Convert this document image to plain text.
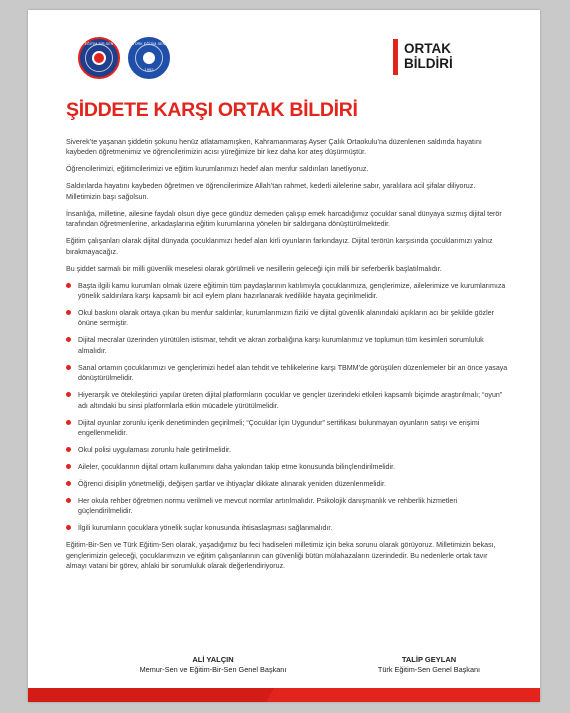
EĞİTİM-BİR-SEN	TÜRK EĞİTİM-SEN
1992
ORTAK
BİLDİRİ
ŞİDDETE KARŞI ORTAK BİLDİRİ

Siverek’te yaşanan şiddetin şokunu henüz atlatamamışken, Kahramanmaraş Ayser Çalık Ortaokulu’na düzenlenen saldırıda hayatını kaybeden öğretmenimiz ve öğrencilerimizin acısı yüreğimize bir kez daha kor ateş düşürmüştür.

Öğrencilerimizi, eğitimcilerimizi ve eğitim kurumlarımızı hedef alan menfur saldırıları lanetliyoruz.

Saldırılarda hayatını kaybeden öğretmen ve öğrencilerimize Allah’tan rahmet, kederli ailelerine sabır, yaralılara acil şifalar diliyoruz. Milletimizin başı sağolsun.

İnsanlığa, milletine, ailesine faydalı olsun diye gece gündüz demeden çalışıp emek harcadığımız çocuklar sanal dünyaya sızmış dijital terör tarafından öğretmenlerine, arkadaşlarına eğitim kurumlarına yönelen bir saldırgana dönüştürülmektedir.

Eğitim çalışanları olarak dijital dünyada çocuklarımızı hedef alan kirli oyunların farkındayız. Dijital terörün karşısında çocuklarımızı yalnız bırakmayacağız.

Bu şiddet sarmalı bir milli güvenlik meselesi olarak görülmeli ve nesillerin geleceği için milli bir seferberlik başlatılmalıdır.

Başta ilgili kamu kurumları olmak üzere eğitimin tüm paydaşlarının katılımıyla çocuklarımıza, gençlerimize, ailelerimize ve kurumlarımıza yönelik saldırılara karşı kapsamlı bir acil eylem planı hazırlanarak ivedilikle hayata geçirilmelidir.
Okul baskını olarak ortaya çıkan bu menfur saldırılar, kurumlarımızın fiziki ve dijital güvenlik alanındaki açıkların acı bir şekilde gözler önüne sermiştir.
Dijital mecralar üzerinden yürütülen istismar, tehdit ve akran zorbalığına karşı kurumlarımız ve toplumun tüm kesimleri sorumluluk almalıdır.
Sanal ortamın çocuklarımızı ve gençlerimizi hedef alan tehdit ve tehlikelerine karşı TBMM’de görüşülen düzenlemeler bir an önce yasaya dönüştürülmelidir.
Hiyerarşik ve ötekileştirici yapılar üreten dijital platformların çocuklar ve gençler üzerindeki etkileri kapsamlı biçimde araştırılmalı; “oyun” adı altındaki bu sinsi platformlarla etkin mücadele yürütülmelidir.
Dijital oyunlar zorunlu içerik denetiminden geçirilmeli; “Çocuklar İçin Uygundur” sertifikası bulunmayan oyunların satışı ve erişimi engellenmelidir.
Okul polisi uygulaması zorunlu hale getirilmelidir.
Aileler, çocuklarının dijital ortam kullanımını daha yakından takip etme konusunda bilinçlendirilmelidir.
Öğrenci disiplin yönetmeliği, değişen şartlar ve ihtiyaçlar dikkate alınarak yeniden düzenlenmelidir.
Her okula rehber öğretmen normu verilmeli ve mevcut normlar artırılmalıdır. Psikolojik danışmanlık ve rehberlik hizmetleri güçlendirilmelidir.
İlgili kurumların çocuklara yönelik suçlar konusunda ihtisaslaşması sağlanmalıdır.

Eğitim-Bir-Sen ve Türk Eğitim-Sen olarak, yaşadığımız bu feci hadiseleri milletimiz için beka sorunu olarak görüyoruz. Milletimizin bekası, gençlerimizin geleceği, çocuklarımızın ve eğitim çalışanlarının can güvenliği bütün mülahazaların üzerindedir. Bu nedenlerle ortak tavır almayı vatani bir görev, ahlaki bir sorumluluk olarak değerlendiriyoruz.

ALİ YALÇIN
Memur-Sen ve Eğitim-Bir-Sen Genel Başkanı
TALİP GEYLAN
Türk Eğitim-Sen Genel Başkanı
